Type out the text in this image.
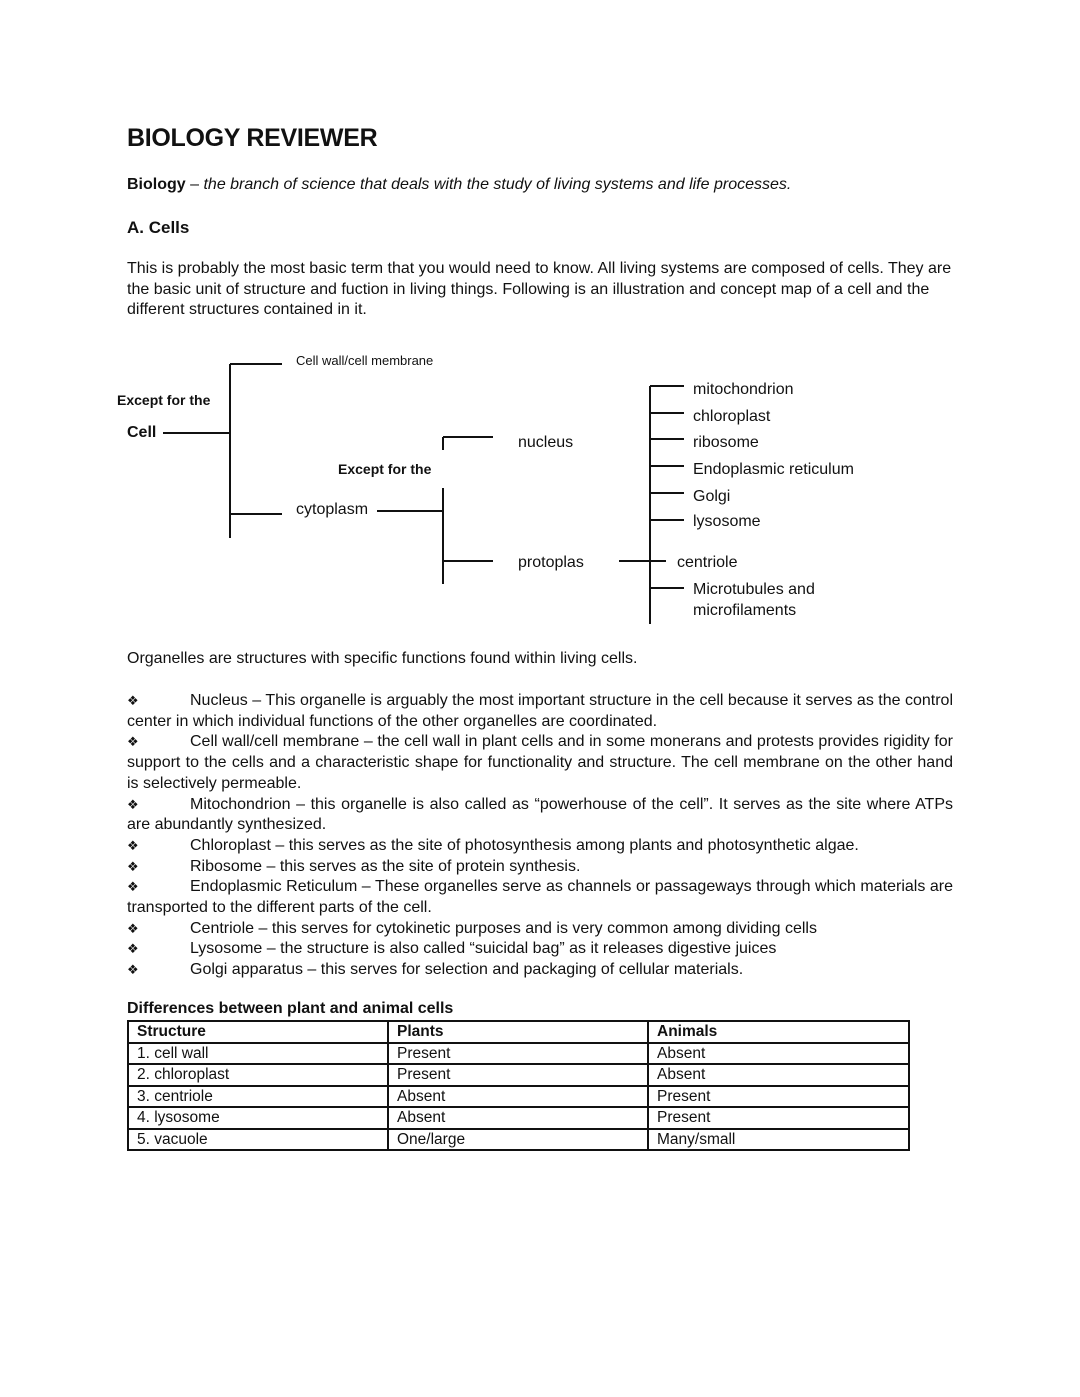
BIOLOGY REVIEWER
Biology – the branch of science that deals with the study of living systems and life processes.
A. Cells
This is probably the most basic term that you would need to know. All living systems are composed of cells. They are the basic unit of structure and fuction in living things. Following is an illustration and concept map of a cell and the different structures contained in it.
Cell wall/cell membrane
Except for the
Cell
Except for the
cytoplasm
nucleus
protoplas
mitochondrion
chloroplast
ribosome
Endoplasmic reticulum
Golgi
lysosome
centriole
Microtubules and
microfilaments
Organelles are structures with specific functions found within living cells.
❖	Nucleus – This organelle is arguably the most important structure in the cell because it serves as the control center in which individual functions of the other organelles are coordinated.
❖	Cell wall/cell membrane – the cell wall in plant cells and in some monerans and protests provides rigidity for support to the cells and a characteristic shape for functionality and structure. The cell membrane on the other hand is selectively permeable.
❖	Mitochondrion – this organelle is also called as “powerhouse of the cell”. It serves as the site where ATPs are abundantly synthesized.
❖	Chloroplast – this serves as the site of photosynthesis among plants and photosynthetic algae.
❖	Ribosome – this serves as the site of protein synthesis.
❖	Endoplasmic Reticulum – These organelles serve as channels or passageways through which materials are transported to the different parts of the cell.
❖	Centriole – this serves for cytokinetic purposes and is very common among dividing cells
❖	Lysosome – the structure is also called “suicidal bag” as it releases digestive juices
❖	Golgi apparatus – this serves for selection and packaging of cellular materials.
Differences between plant and animal cells
Structure	Plants	Animals
1. cell wall	Present	Absent
2. chloroplast	Present	Absent
3. centriole	Absent	Present
4. lysosome	Absent	Present
5. vacuole	One/large	Many/small
